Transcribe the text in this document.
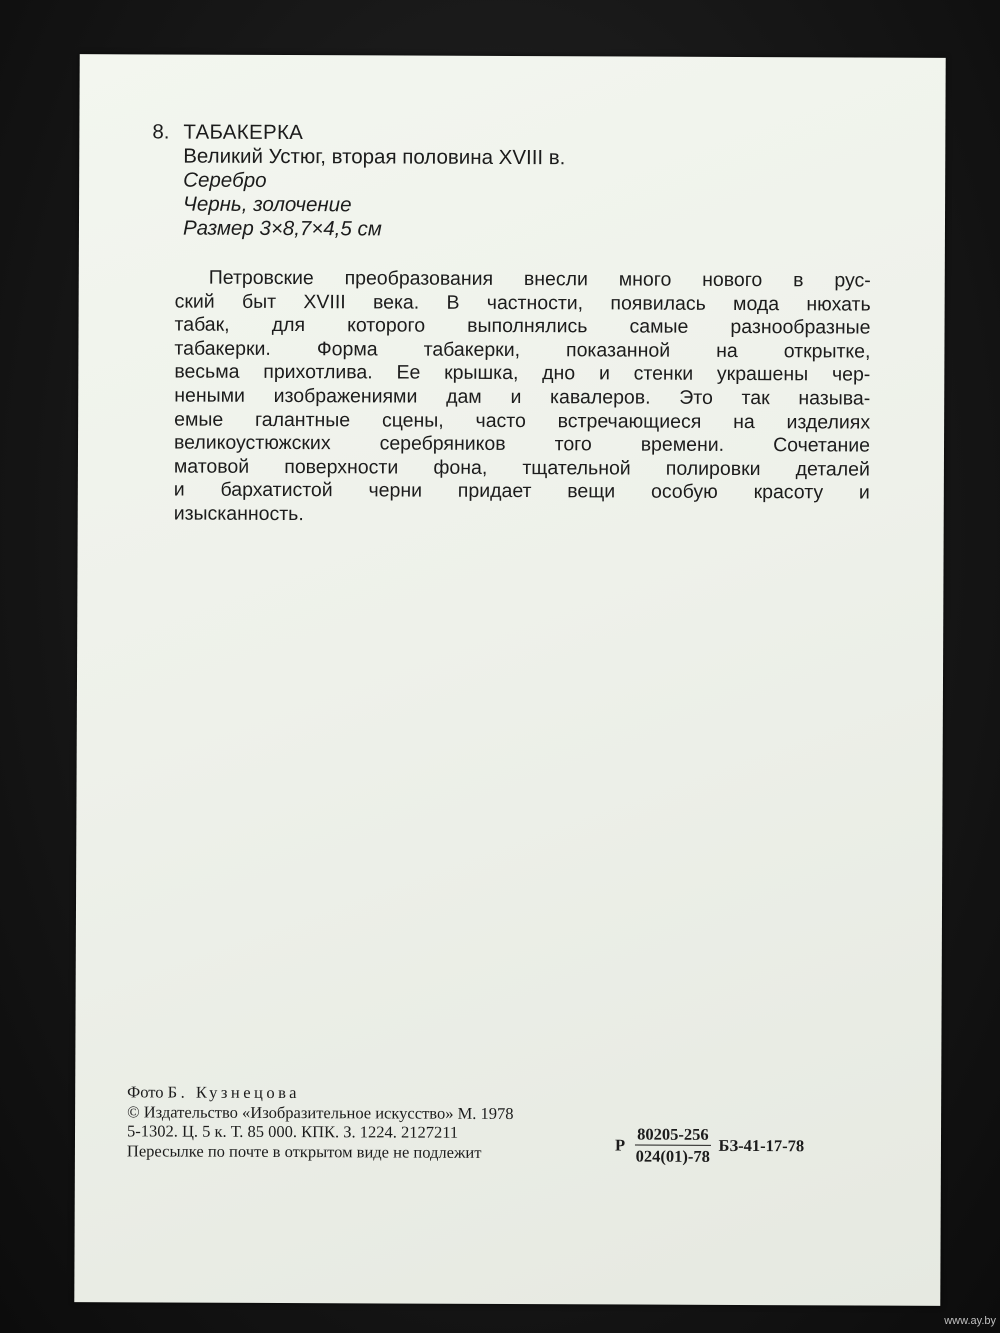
8. ТАБАКЕРКА
Великий Устюг, вторая половина XVIII в.
Серебро
Чернь, золочение
Размер 3×8,7×4,5 см
Петровские преобразования внесли много нового в рус-
ский быт XVIII века. В частности, появилась мода нюхать
табак, для которого выполнялись самые разнообразные
табакерки. Форма табакерки, показанной на открытке,
весьма прихотлива. Ее крышка, дно и стенки украшены чер-
неными изображениями дам и кавалеров. Это так называ-
емые галантные сцены, часто встречающиеся на изделиях
великоустюжских серебряников того времени. Сочетание
матовой поверхности фона, тщательной полировки деталей
и бархатистой черни придает вещи особую красоту и
изысканность.
Фото Б. Кузнецова
© Издательство «Изобразительное искусство» М. 1978
5-1302. Ц. 5 к. Т. 85 000. КПК. З. 1224. 2127211
Пересылке по почте в открытом виде не подлежит	Р $\frac{80205-256}{024(01)-78} БЗ-41-17-78$
www.ay.by
